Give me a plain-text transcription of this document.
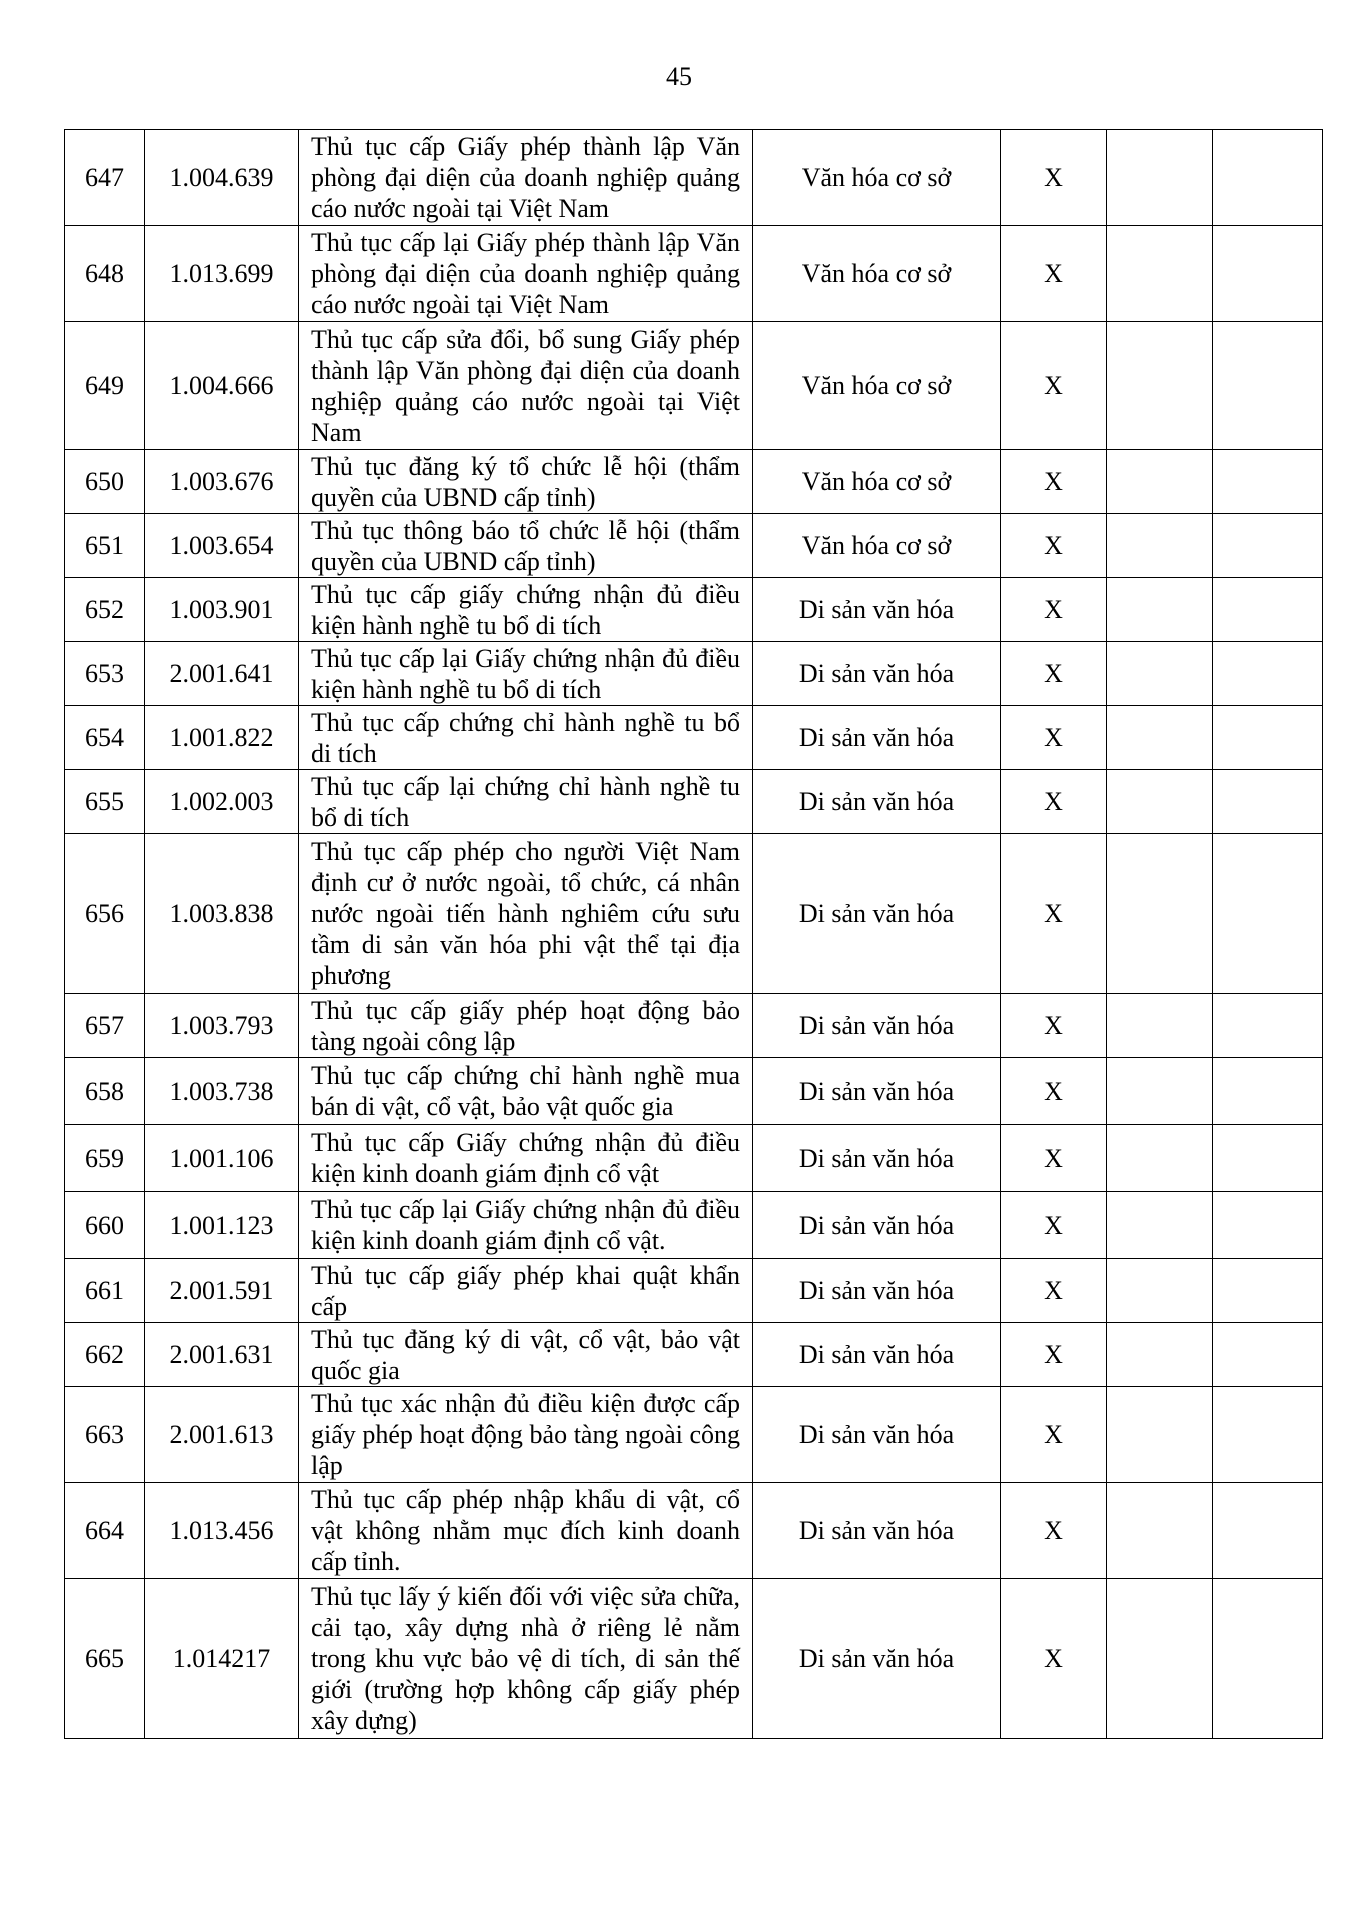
45
647	1.004.639	Thủ tục cấp Giấy phép thành lập Văn phòng đại diện của doanh nghiệp quảng cáo nước ngoài tại Việt Nam	Văn hóa cơ sở	X		
648	1.013.699	Thủ tục cấp lại Giấy phép thành lập Văn phòng đại diện của doanh nghiệp quảng cáo nước ngoài tại Việt Nam	Văn hóa cơ sở	X		
649	1.004.666	Thủ tục cấp sửa đổi, bổ sung Giấy phép thành lập Văn phòng đại diện của doanh nghiệp quảng cáo nước ngoài tại Việt Nam	Văn hóa cơ sở	X		
650	1.003.676	Thủ tục đăng ký tổ chức lễ hội (thẩm quyền của UBND cấp tỉnh)	Văn hóa cơ sở	X		
651	1.003.654	Thủ tục thông báo tổ chức lễ hội (thẩm quyền của UBND cấp tỉnh)	Văn hóa cơ sở	X		
652	1.003.901	Thủ tục cấp giấy chứng nhận đủ điều kiện hành nghề tu bổ di tích	Di sản văn hóa	X		
653	2.001.641	Thủ tục cấp lại Giấy chứng nhận đủ điều kiện hành nghề tu bổ di tích	Di sản văn hóa	X		
654	1.001.822	Thủ tục cấp chứng chỉ hành nghề tu bổ di tích	Di sản văn hóa	X		
655	1.002.003	Thủ tục cấp lại chứng chỉ hành nghề tu bổ di tích	Di sản văn hóa	X		
656	1.003.838	Thủ tục cấp phép cho người Việt Nam định cư ở nước ngoài, tổ chức, cá nhân nước ngoài tiến hành nghiêm cứu sưu tầm di sản văn hóa phi vật thể tại địa phương	Di sản văn hóa	X		
657	1.003.793	Thủ tục cấp giấy phép hoạt động bảo tàng ngoài công lập	Di sản văn hóa	X		
658	1.003.738	Thủ tục cấp chứng chỉ hành nghề mua bán di vật, cổ vật, bảo vật quốc gia	Di sản văn hóa	X		
659	1.001.106	Thủ tục cấp Giấy chứng nhận đủ điều kiện kinh doanh giám định cổ vật	Di sản văn hóa	X		
660	1.001.123	Thủ tục cấp lại Giấy chứng nhận đủ điều kiện kinh doanh giám định cổ vật.	Di sản văn hóa	X		
661	2.001.591	Thủ tục cấp giấy phép khai quật khẩn cấp	Di sản văn hóa	X		
662	2.001.631	Thủ tục đăng ký di vật, cổ vật, bảo vật quốc gia	Di sản văn hóa	X		
663	2.001.613	Thủ tục xác nhận đủ điều kiện được cấp giấy phép hoạt động bảo tàng ngoài công lập	Di sản văn hóa	X		
664	1.013.456	Thủ tục cấp phép nhập khẩu di vật, cổ vật không nhằm mục đích kinh doanh cấp tỉnh.	Di sản văn hóa	X		
665	1.014217	Thủ tục lấy ý kiến đối với việc sửa chữa, cải tạo, xây dựng nhà ở riêng lẻ nằm trong khu vực bảo vệ di tích, di sản thế giới (trường hợp không cấp giấy phép xây dựng)	Di sản văn hóa	X		
